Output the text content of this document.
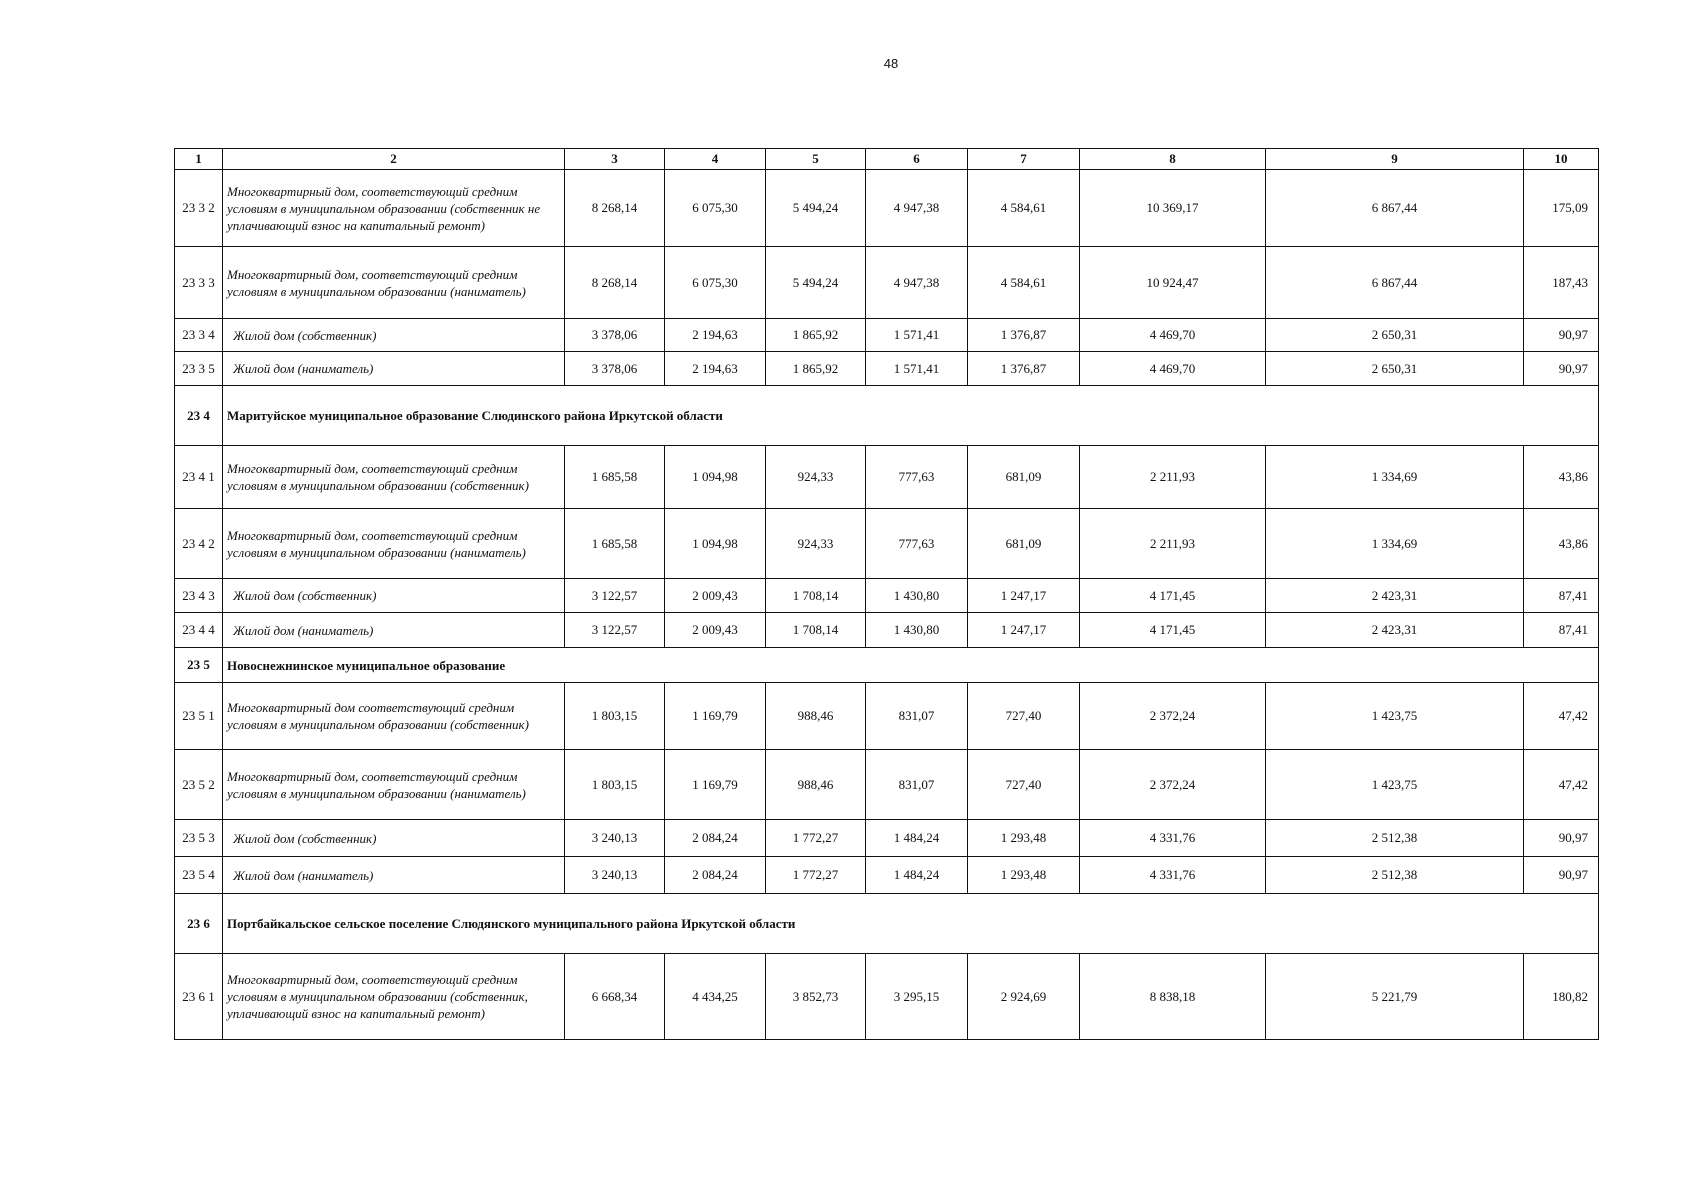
48
1	2	3	4	5	6	7	8	9	10
23 3 2	Многоквартирный дом, соответствующий средним условиям в муниципальном образовании (собственник не уплачивающий взнос на капитальный ремонт)	8 268,14	6 075,30	5 494,24	4 947,38	4 584,61	10 369,17	6 867,44	175,09
23 3 3	Многоквартирный дом, соответствующий средним условиям в муниципальном образовании (наниматель)	8 268,14	6 075,30	5 494,24	4 947,38	4 584,61	10 924,47	6 867,44	187,43
23 3 4	Жилой дом (собственник)	3 378,06	2 194,63	1 865,92	1 571,41	1 376,87	4 469,70	2 650,31	90,97
23 3 5	Жилой дом (наниматель)	3 378,06	2 194,63	1 865,92	1 571,41	1 376,87	4 469,70	2 650,31	90,97
23 4	Маритуйское муниципальное образование Слюдинского района Иркутской области								
23 4 1	Многоквартирный дом, соответствующий средним условиям в муниципальном образовании (собственник)	1 685,58	1 094,98	924,33	777,63	681,09	2 211,93	1 334,69	43,86
23 4 2	Многоквартирный дом, соответствующий средним условиям в муниципальном образовании (наниматель)	1 685,58	1 094,98	924,33	777,63	681,09	2 211,93	1 334,69	43,86
23 4 3	Жилой дом (собственник)	3 122,57	2 009,43	1 708,14	1 430,80	1 247,17	4 171,45	2 423,31	87,41
23 4 4	Жилой дом (наниматель)	3 122,57	2 009,43	1 708,14	1 430,80	1 247,17	4 171,45	2 423,31	87,41
23 5	Новоснежнинское муниципальное образование								
23 5 1	Многоквартирный дом соответствующий средним условиям в муниципальном образовании (собственник)	1 803,15	1 169,79	988,46	831,07	727,40	2 372,24	1 423,75	47,42
23 5 2	Многоквартирный дом, соответствующий средним условиям в муниципальном образовании (наниматель)	1 803,15	1 169,79	988,46	831,07	727,40	2 372,24	1 423,75	47,42
23 5 3	Жилой дом (собственник)	3 240,13	2 084,24	1 772,27	1 484,24	1 293,48	4 331,76	2 512,38	90,97
23 5 4	Жилой дом (наниматель)	3 240,13	2 084,24	1 772,27	1 484,24	1 293,48	4 331,76	2 512,38	90,97
23 6	Портбайкальское сельское поселение Слюдянского муниципального района Иркутской области								
23 6 1	Многоквартирный дом, соответствующий средним условиям в муниципальном образовании (собственник, уплачивающий взнос на капитальный ремонт)	6 668,34	4 434,25	3 852,73	3 295,15	2 924,69	8 838,18	5 221,79	180,82
